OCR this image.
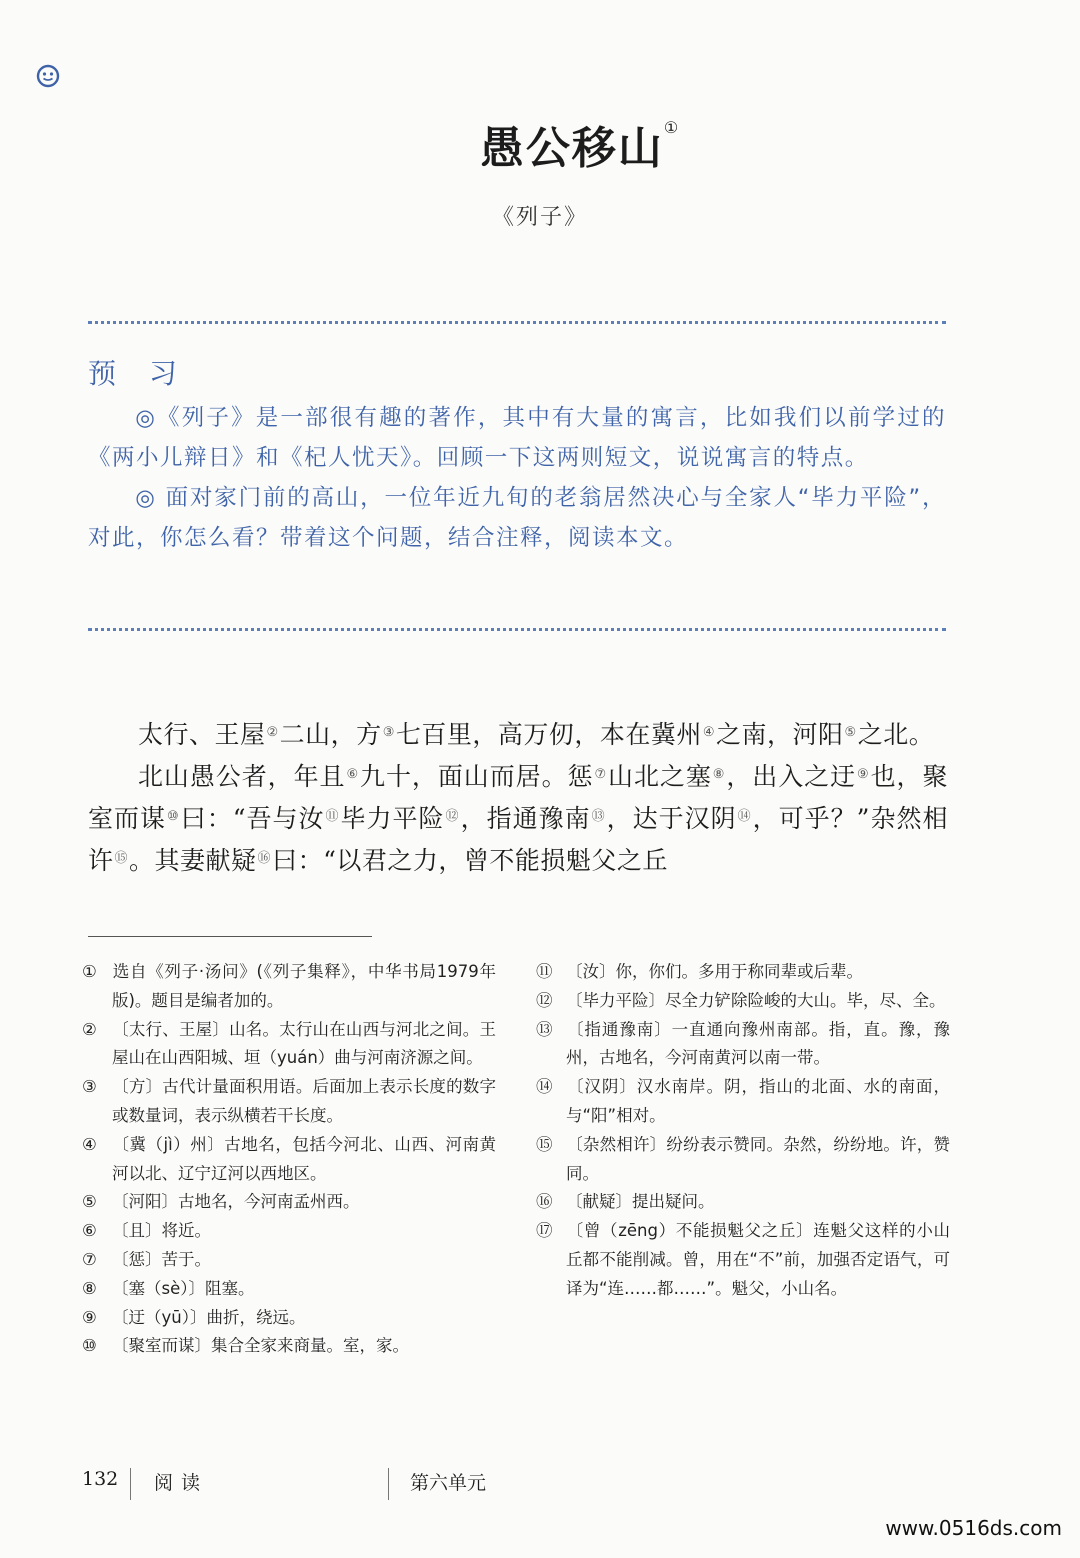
愚公移山①
《列子》
预 习

◎《列子》是一部很有趣的著作，其中有大量的寓言，比如我们以前学过的《两小儿辩日》和《杞人忧天》。回顾一下这两则短文，说说寓言的特点。

◎ 面对家门前的高山，一位年近九旬的老翁居然决心与全家人“毕力平险”，对此，你怎么看？带着这个问题，结合注释，阅读本文。

太行、王屋②二山，方③七百里，高万仞，本在冀州④之南，河阳⑤之北。

北山愚公者，年且⑥九十，面山而居。惩⑦山北之塞⑧，出入之迂⑨也，聚室而谋⑩曰：“吾与汝⑪毕力平险⑫，指通豫南⑬，达于汉阴⑭，可乎？”杂然相许⑮。其妻献疑⑯曰：“以君之力，曾不能损魁父之丘

① 选自《列子·汤问》(《列子集释》，中华书局1979年版)。题目是编者加的。
② 〔太行、王屋〕山名。太行山在山西与河北之间。王屋山在山西阳城、垣（yuán）曲与河南济源之间。
③ 〔方〕古代计量面积用语。后面加上表示长度的数字或数量词，表示纵横若干长度。
④ 〔冀（jì）州〕古地名，包括今河北、山西、河南黄河以北、辽宁辽河以西地区。
⑤ 〔河阳〕古地名，今河南孟州西。
⑥ 〔且〕将近。
⑦ 〔惩〕苦于。
⑧ 〔塞（sè）〕阻塞。
⑨ 〔迂（yū）〕曲折，绕远。
⑩ 〔聚室而谋〕集合全家来商量。室，家。
⑪ 〔汝〕你，你们。多用于称同辈或后辈。
⑫ 〔毕力平险〕尽全力铲除险峻的大山。毕，尽、全。
⑬ 〔指通豫南〕一直通向豫州南部。指，直。豫，豫州，古地名，今河南黄河以南一带。
⑭ 〔汉阴〕汉水南岸。阴，指山的北面、水的南面，与“阳”相对。
⑮ 〔杂然相许〕纷纷表示赞同。杂然，纷纷地。许，赞同。
⑯ 〔献疑〕提出疑问。
⑰ 〔曾（zēng）不能损魁父之丘〕连魁父这样的小山丘都不能削减。曾，用在“不”前，加强否定语气，可译为“连……都……”。魁父，小山名。
132 阅读	第六单元
www.0516ds.com
